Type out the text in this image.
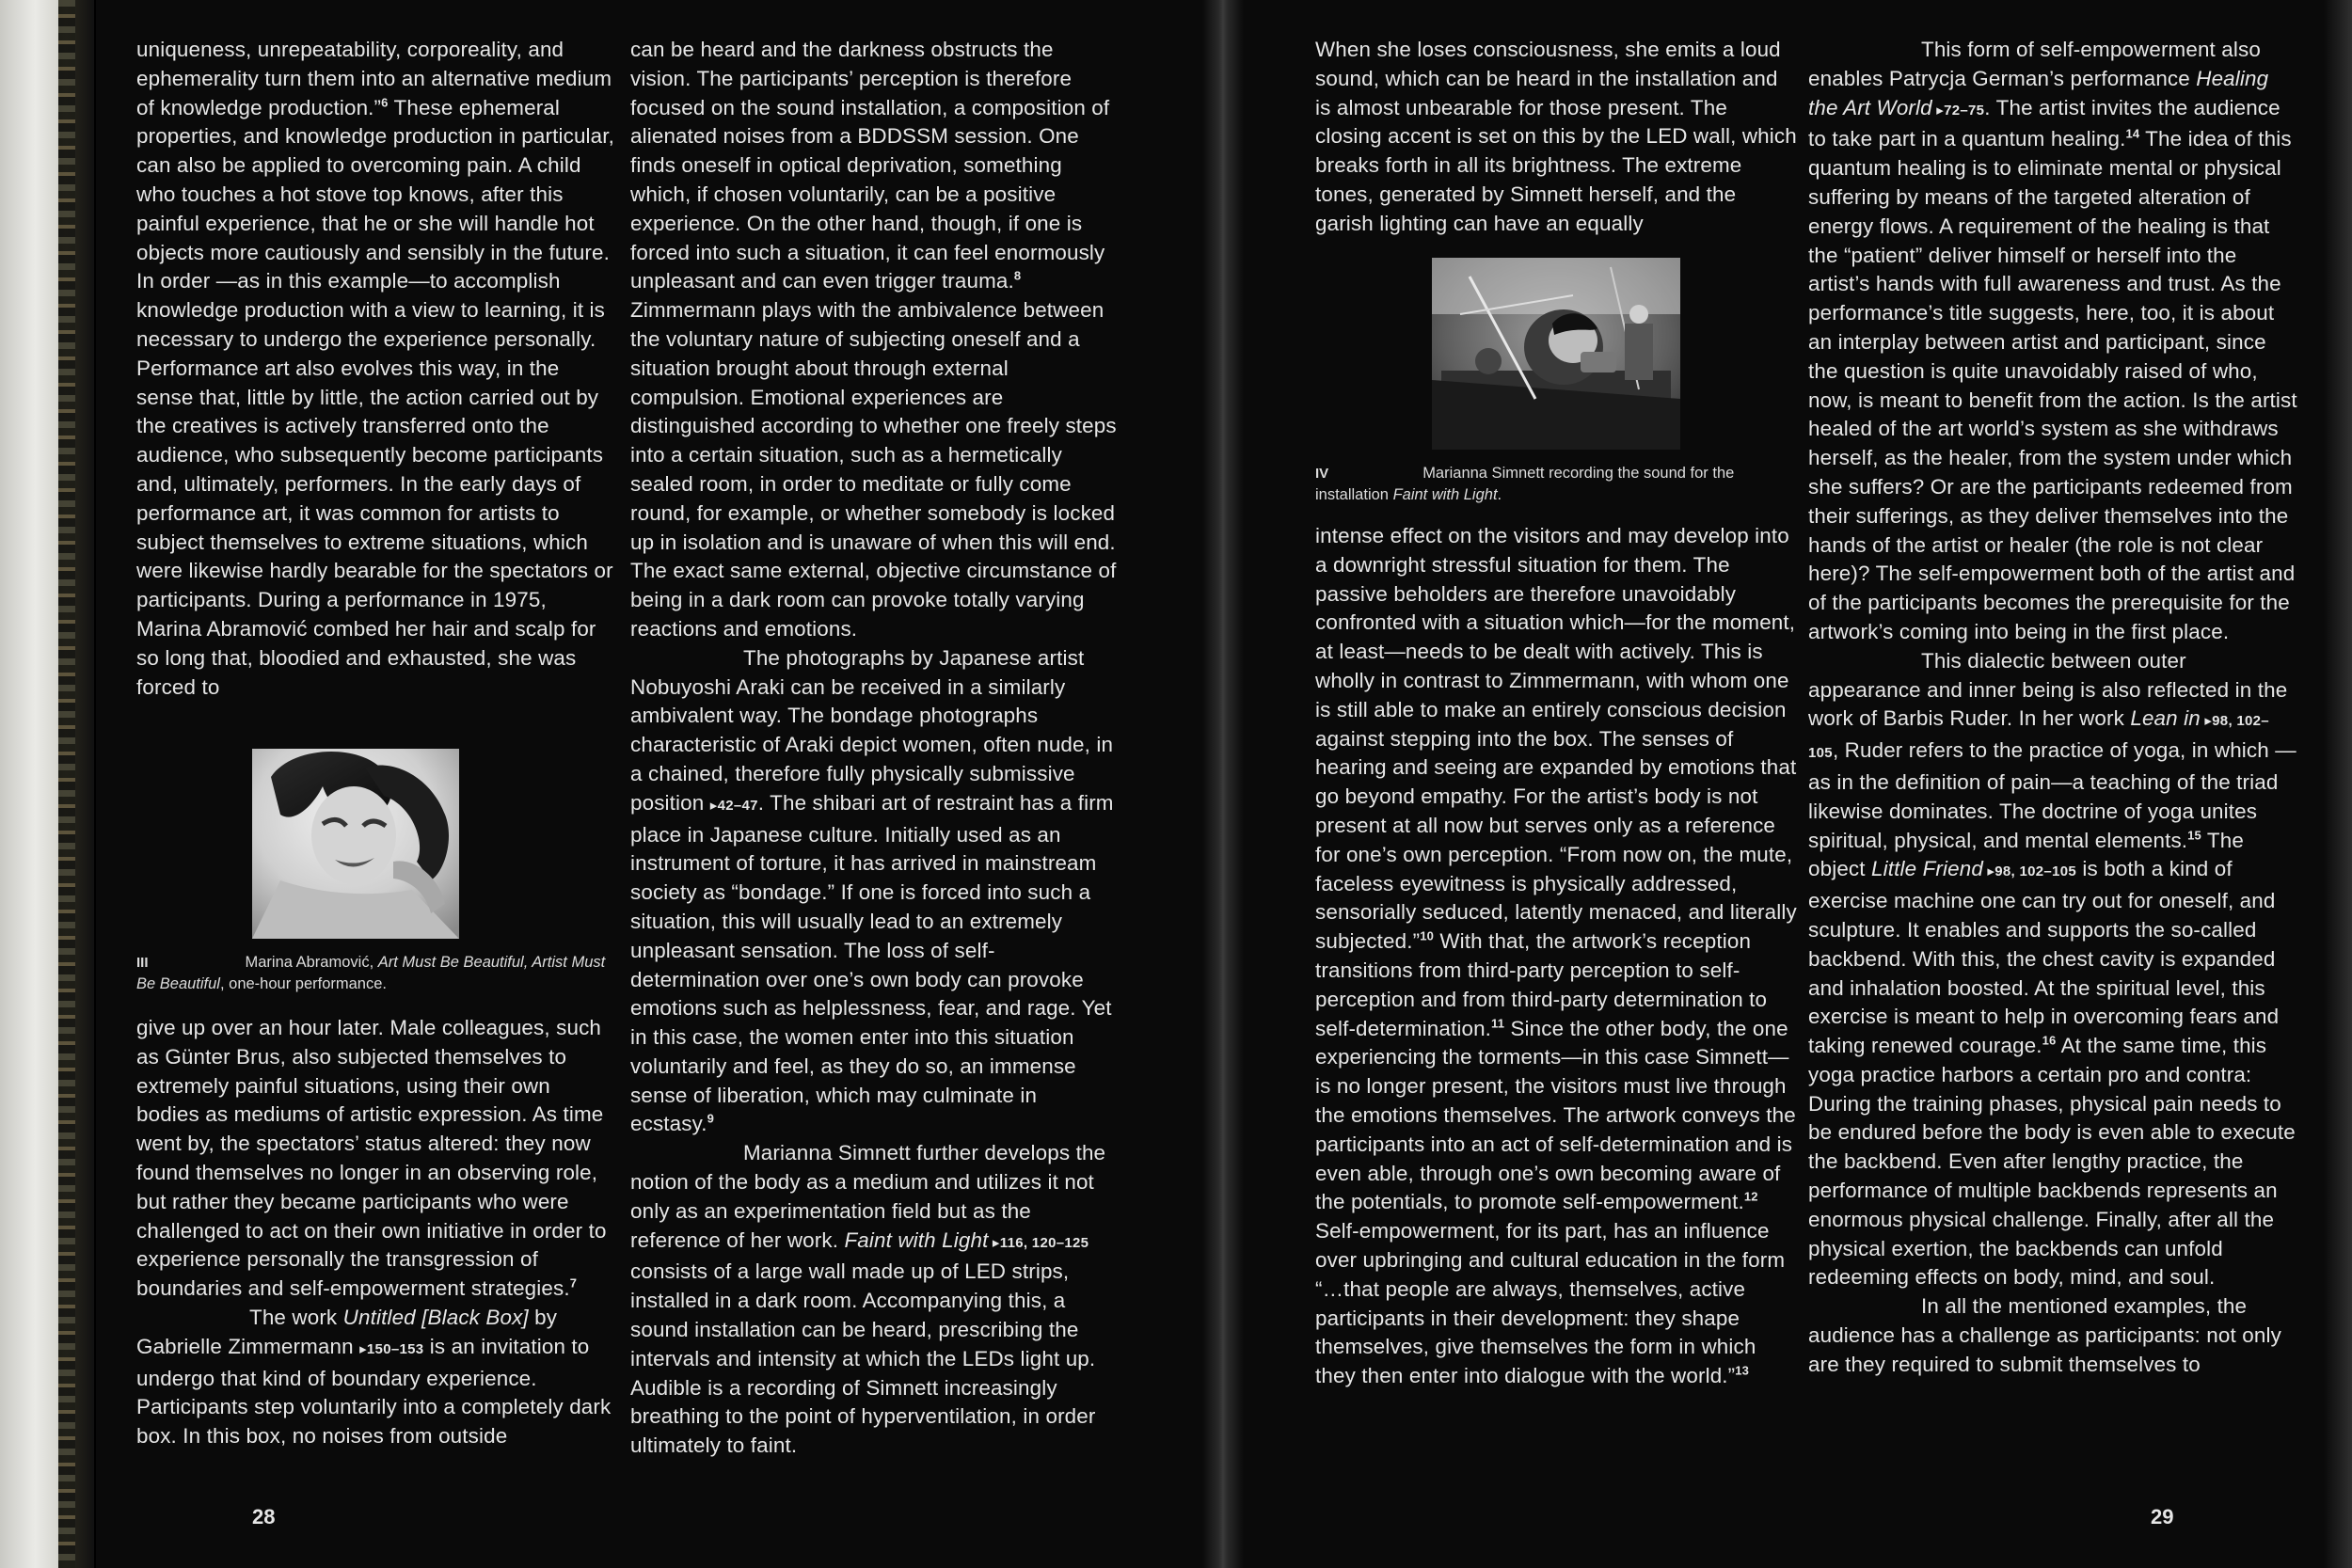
uniqueness, unrepeatability, corporeality, and ephemerality turn them into an alternative medium of knowledge production.”$^6$ These ephemeral properties, and knowledge production in particular, can also be applied to overcoming pain. A child who touches a hot stove top knows, after this painful experience, that he or she will handle hot objects more cautiously and sensibly in the future. In order —as in this example—to accomplish knowledge production with a view to learning, it is necessary to undergo the experience personally. Performance art also evolves this way, in the sense that, little by little, the action carried out by the creatives is actively transferred onto the audience, who subsequently become participants and, ultimately, performers. In the early days of performance art, it was common for artists to subject themselves to extreme situations, which were likewise hardly bearable for the spectators or participants. During a performance in 1975, Marina Abramović combed her hair and scalp for so long that, bloodied and exhausted, she was forced to

III	Marina Abramović, Art Must Be Beautiful, Artist Must Be Beautiful, one-hour performance.

give up over an hour later. Male colleagues, such as Günter Brus, also subjected themselves to extremely painful situations, using their own bodies as mediums of artistic expression. As time went by, the spectators’ status altered: they now found themselves no longer in an observing role, but rather they became participants who were challenged to act on their own initiative in order to experience personally the transgression of boundaries and self-empowerment strategies.$^7$

The work Untitled [Black Box] by Gabrielle Zimmermann ▸150–153 is an invitation to undergo that kind of boundary experience. Participants step voluntarily into a completely dark box. In this box, no noises from outside

can be heard and the darkness obstructs the vision. The participants’ perception is therefore focused on the sound installation, a composition of alienated noises from a BDDSSM session. One finds oneself in optical deprivation, something which, if chosen voluntarily, can be a positive experience. On the other hand, though, if one is forced into such a situation, it can feel enormously unpleasant and can even trigger trauma.$^8$ Zimmermann plays with the ambivalence between the voluntary nature of subjecting oneself and a situation brought about through external compulsion. Emotional experiences are distinguished according to whether one freely steps into a certain situation, such as a hermetically sealed room, in order to meditate or fully come round, for example, or whether somebody is locked up in isolation and is unaware of when this will end. The exact same external, objective circumstance of being in a dark room can provoke totally varying reactions and emotions.

The photographs by Japanese artist Nobuyoshi Araki can be received in a similarly ambivalent way. The bondage photographs characteristic of Araki depict women, often nude, in a chained, therefore fully physically submissive position ▸42–47. The shibari art of restraint has a firm place in Japanese culture. Initially used as an instrument of torture, it has arrived in mainstream society as “bondage.” If one is forced into such a situation, this will usually lead to an extremely unpleasant sensation. The loss of self-determination over one’s own body can provoke emotions such as helplessness, fear, and rage. Yet in this case, the women enter into this situation voluntarily and feel, as they do so, an immense sense of liberation, which may culminate in ecstasy.$^9$

Marianna Simnett further develops the notion of the body as a medium and utilizes it not only as an experimentation field but as the reference of her work. Faint with Light ▸116, 120–125 consists of a large wall made up of LED strips, installed in a dark room. Accompanying this, a sound installation can be heard, prescribing the intervals and intensity at which the LEDs light up. Audible is a recording of Simnett increasingly breathing to the point of hyperventilation, in order ultimately to faint.

28

When she loses consciousness, she emits a loud sound, which can be heard in the installation and is almost unbearable for those present. The closing accent is set on this by the LED wall, which breaks forth in all its brightness. The extreme tones, generated by Simnett herself, and the garish lighting can have an equally

IV	Marianna Simnett recording the sound for the installation Faint with Light.

intense effect on the visitors and may develop into a downright stressful situation for them. The passive beholders are therefore unavoidably confronted with a situation which—for the moment, at least—needs to be dealt with actively. This is wholly in contrast to Zimmermann, with whom one is still able to make an entirely conscious decision against stepping into the box. The senses of hearing and seeing are expanded by emotions that go beyond empathy. For the artist’s body is not present at all now but serves only as a reference for one’s own perception. “From now on, the mute, faceless eyewitness is physically addressed, sensorially seduced, latently menaced, and literally subjected.”$^{10}$ With that, the artwork’s reception transitions from third-party perception to self-perception and from third-party determination to self-determination.$^{11}$ Since the other body, the one experiencing the torments—in this case Simnett—is no longer present, the visitors must live through the emotions themselves. The artwork conveys the participants into an act of self-determination and is even able, through one’s own becoming aware of the potentials, to promote self-empowerment.$^{12}$ Self-empowerment, for its part, has an influence over upbringing and cultural education in the form “…that people are always, themselves, active participants in their development: they shape themselves, give themselves the form in which they then enter into dialogue with the world.”$^{13}$

This form of self-empowerment also enables Patrycja German’s performance Healing the Art World ▸72–75. The artist invites the audience to take part in a quantum healing.$^{14}$ The idea of this quantum healing is to eliminate mental or physical suffering by means of the targeted alteration of energy flows. A requirement of the healing is that the “patient” deliver himself or herself into the artist’s hands with full awareness and trust. As the performance’s title suggests, here, too, it is about an interplay between artist and participant, since the question is quite unavoidably raised of who, now, is meant to benefit from the action. Is the artist healed of the art world’s system as she withdraws herself, as the healer, from the system under which she suffers? Or are the participants redeemed from their sufferings, as they deliver themselves into the hands of the artist or healer (the role is not clear here)? The self-empowerment both of the artist and of the participants becomes the prerequisite for the artwork’s coming into being in the first place.

This dialectic between outer appearance and inner being is also reflected in the work of Barbis Ruder. In her work Lean in ▸98, 102–105, Ruder refers to the practice of yoga, in which —as in the definition of pain—a teaching of the triad likewise dominates. The doctrine of yoga unites spiritual, physical, and mental elements.$^{15}$ The object Little Friend ▸98, 102–105 is both a kind of exercise machine one can try out for oneself, and sculpture. It enables and supports the so-called backbend. With this, the chest cavity is expanded and inhalation boosted. At the spiritual level, this exercise is meant to help in overcoming fears and taking renewed courage.$^{16}$ At the same time, this yoga practice harbors a certain pro and contra: During the training phases, physical pain needs to be endured before the body is even able to execute the backbend. Even after lengthy practice, the performance of multiple backbends represents an enormous physical challenge. Finally, after all the physical exertion, the backbends can unfold redeeming effects on body, mind, and soul.

In all the mentioned examples, the audience has a challenge as participants: not only are they required to submit themselves to

29
